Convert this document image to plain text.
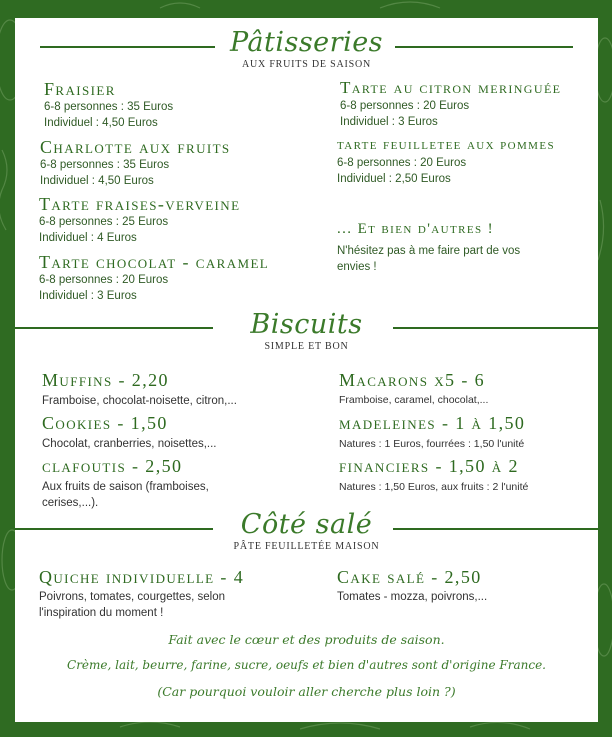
Pâtisseries
AUX FRUITS DE SAISON
Fraisier
6-8 personnes : 35 Euros
Individuel : 4,50 Euros
Charlotte aux fruits
6-8 personnes : 35 Euros
Individuel : 4,50 Euros
Tarte fraises-verveine
6-8 personnes : 25 Euros
Individuel : 4 Euros
Tarte chocolat - caramel
6-8 personnes : 20 Euros
Individuel : 3 Euros
Tarte au citron meringuée
6-8 personnes : 20 Euros
Individuel : 3 Euros
tarte feuilletee aux pommes
6-8 personnes : 20 Euros
Individuel : 2,50 Euros
... Et bien d'autres !
N'hésitez pas à me faire part de vos
envies !
Biscuits
SIMPLE ET BON
Muffins - 2,20
Framboise, chocolat-noisette, citron,...
Cookies - 1,50
Chocolat, cranberries, noisettes,...
clafoutis - 2,50
Aux fruits de saison (framboises,
cerises,...).
Macarons x5 - 6
Framboise, caramel, chocolat,...
madeleines - 1 à 1,50
Natures : 1 Euros, fourrées : 1,50 l'unité
financiers - 1,50 à 2
Natures : 1,50 Euros, aux fruits : 2 l'unité
Côté salé
PÂTE FEUILLETÉE MAISON
Quiche individuelle - 4
Poivrons, tomates, courgettes, selon
l'inspiration du moment !
Cake salé - 2,50
Tomates - mozza, poivrons,...
Fait avec le cœur et des produits de saison.
Crème, lait, beurre, farine, sucre, oeufs et bien d'autres sont d'origine France.
(Car pourquoi vouloir aller cherche plus loin ?)
